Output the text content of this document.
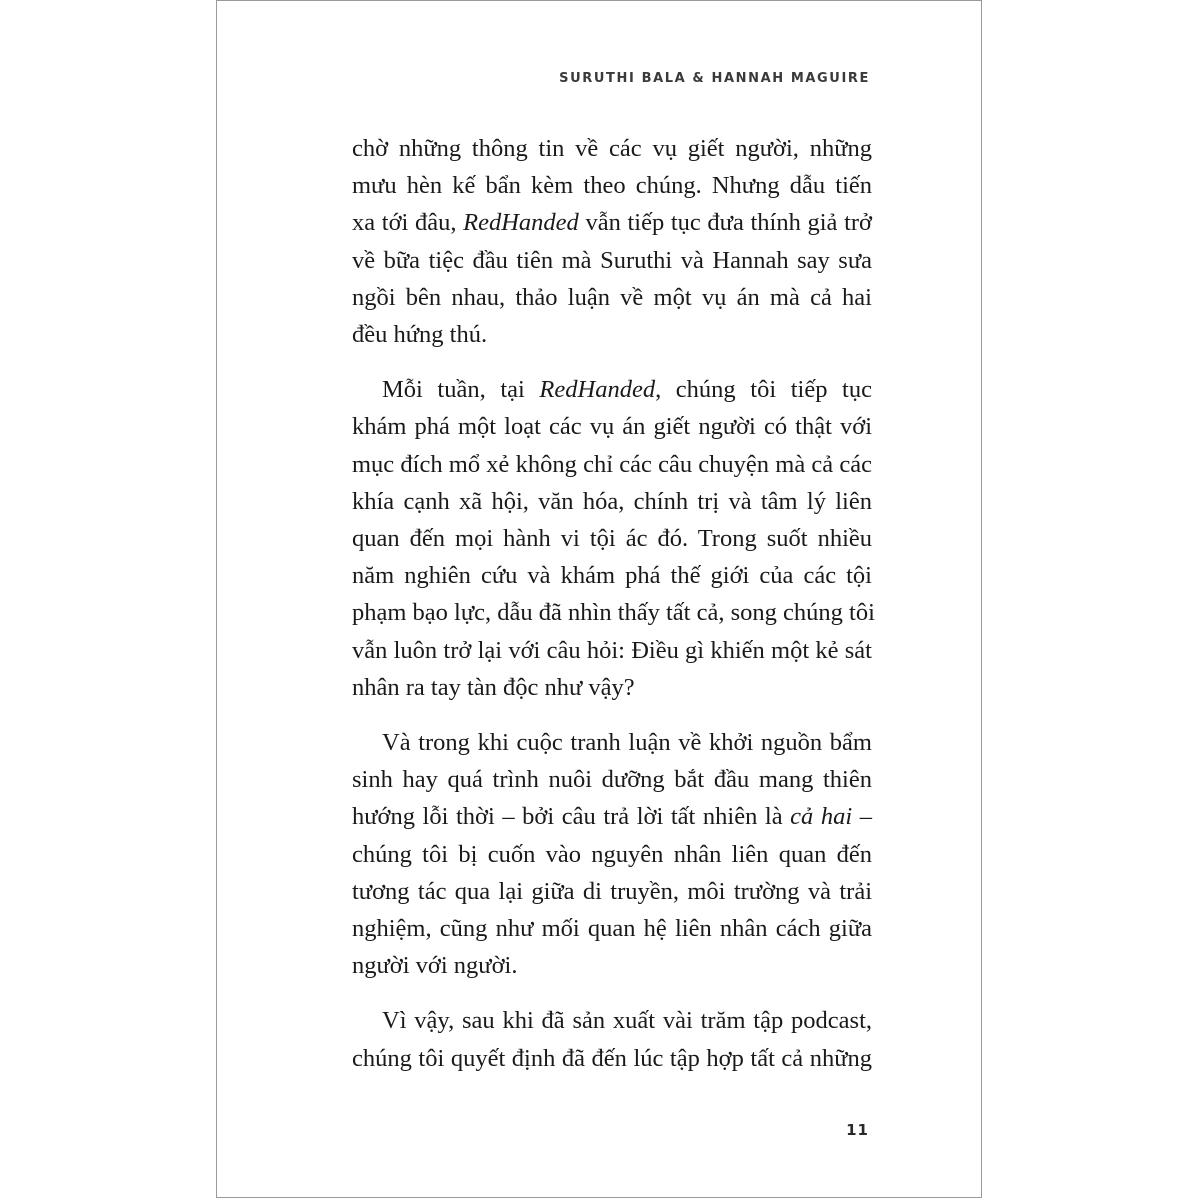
SURUTHI BALA & HANNAH MAGUIRE
chờ những thông tin về các vụ giết người, những
mưu hèn kế bẩn kèm theo chúng. Nhưng dẫu tiến
xa tới đâu, RedHanded vẫn tiếp tục đưa thính giả trở
về bữa tiệc đầu tiên mà Suruthi và Hannah say sưa
ngồi bên nhau, thảo luận về một vụ án mà cả hai
đều hứng thú.
Mỗi tuần, tại RedHanded, chúng tôi tiếp tục
khám phá một loạt các vụ án giết người có thật với
mục đích mổ xẻ không chỉ các câu chuyện mà cả các
khía cạnh xã hội, văn hóa, chính trị và tâm lý liên
quan đến mọi hành vi tội ác đó. Trong suốt nhiều
năm nghiên cứu và khám phá thế giới của các tội
phạm bạo lực, dẫu đã nhìn thấy tất cả, song chúng tôi
vẫn luôn trở lại với câu hỏi: Điều gì khiến một kẻ sát
nhân ra tay tàn độc như vậy?
Và trong khi cuộc tranh luận về khởi nguồn bẩm
sinh hay quá trình nuôi dưỡng bắt đầu mang thiên
hướng lỗi thời – bởi câu trả lời tất nhiên là cả hai –
chúng tôi bị cuốn vào nguyên nhân liên quan đến
tương tác qua lại giữa di truyền, môi trường và trải
nghiệm, cũng như mối quan hệ liên nhân cách giữa
người với người.
Vì vậy, sau khi đã sản xuất vài trăm tập podcast,
chúng tôi quyết định đã đến lúc tập hợp tất cả những
11
